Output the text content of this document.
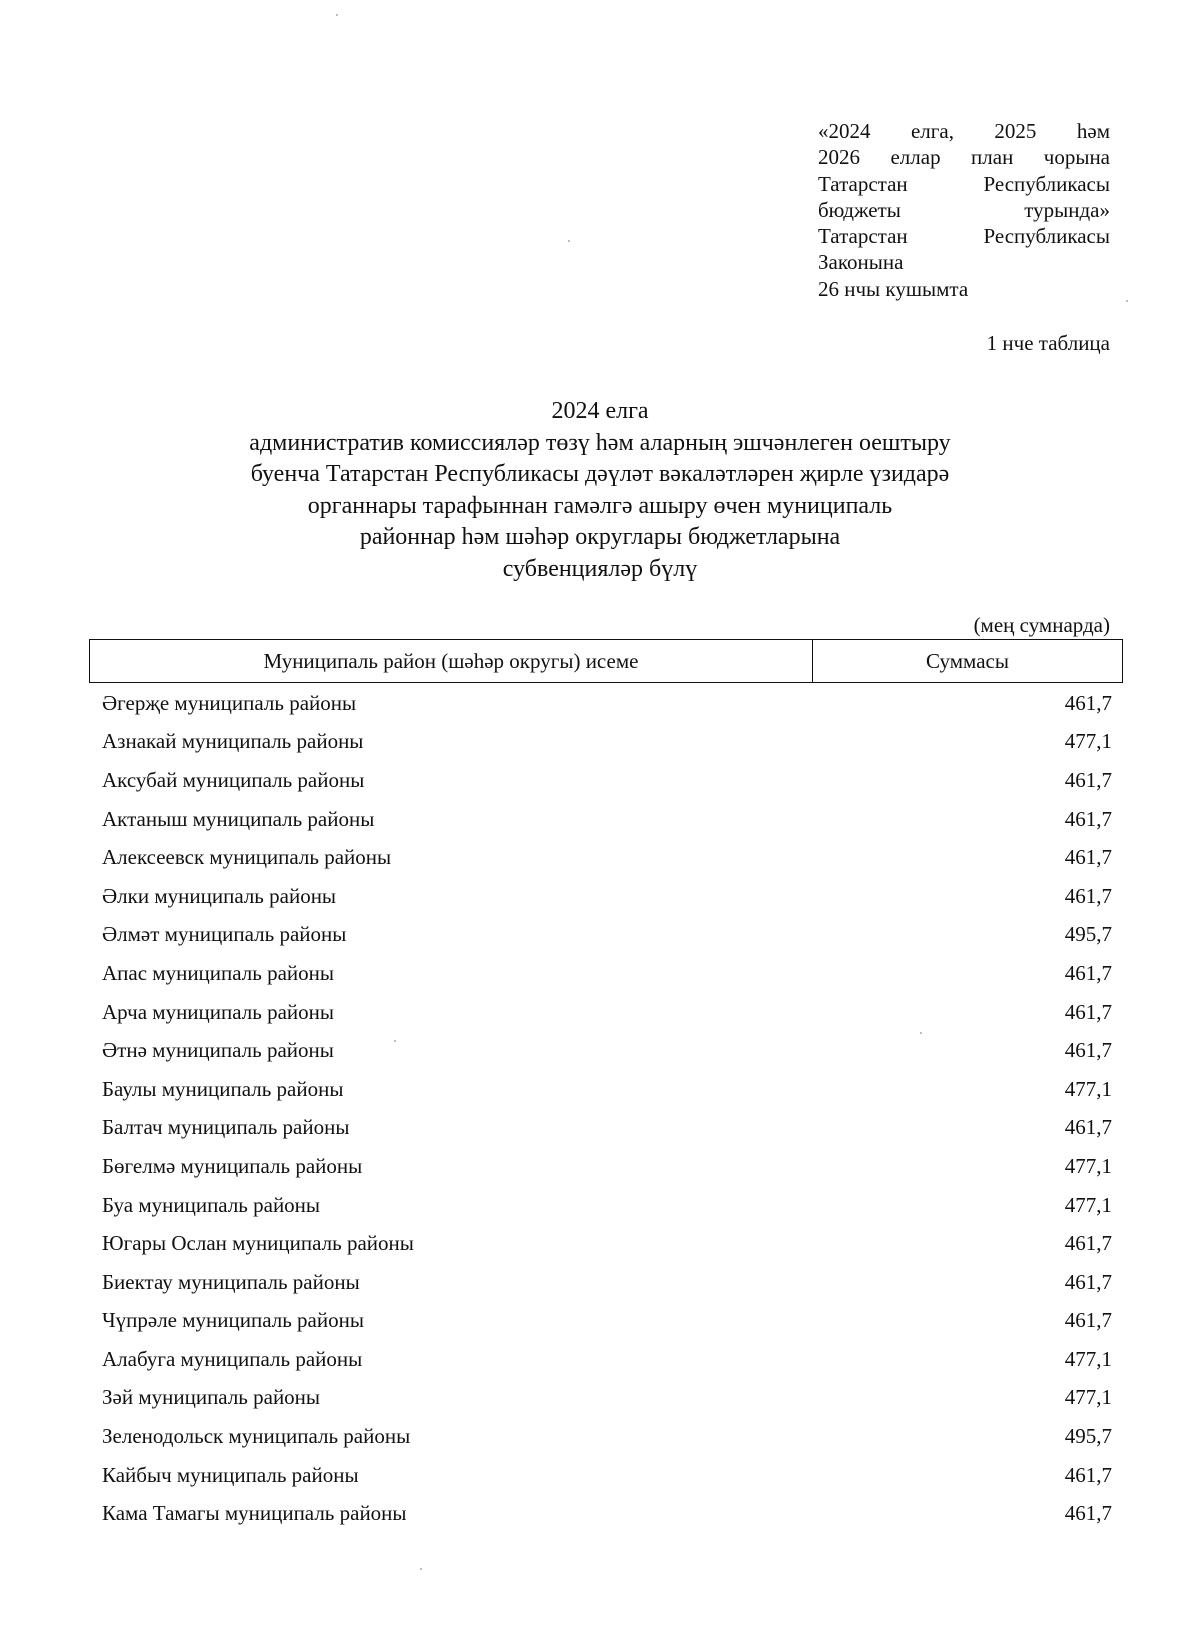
«2024 елга, 2025 һәм
2026 еллар план чорына
Татарстан Республикасы
бюджеты турында»
Татарстан Республикасы
Законына
26 нчы кушымта
1 нче таблица
2024 елга
административ комиссияләр төзү һәм аларның эшчәнлеген оештыру
буенча Татарстан Республикасы дәүләт вәкаләтләрен җирле үзидарә
органнары тарафыннан гамәлгә ашыру өчен муниципаль
районнар һәм шәһәр округлары бюджетларына
субвенцияләр бүлү
(мең сумнарда)
Муниципаль район (шәһәр округы) исеме	Суммасы
Әгерҗе муниципаль районы	461,7
Азнакай муниципаль районы	477,1
Аксубай муниципаль районы	461,7
Актаныш муниципаль районы	461,7
Алексеевск муниципаль районы	461,7
Әлки муниципаль районы	461,7
Әлмәт муниципаль районы	495,7
Апас муниципаль районы	461,7
Арча муниципаль районы	461,7
Әтнә муниципаль районы	461,7
Баулы муниципаль районы	477,1
Балтач муниципаль районы	461,7
Бөгелмә муниципаль районы	477,1
Буа муниципаль районы	477,1
Югары Ослан муниципаль районы	461,7
Биектау муниципаль районы	461,7
Чүпрәле муниципаль районы	461,7
Алабуга муниципаль районы	477,1
Зәй муниципаль районы	477,1
Зеленодольск муниципаль районы	495,7
Кайбыч муниципаль районы	461,7
Кама Тамагы муниципаль районы	461,7
